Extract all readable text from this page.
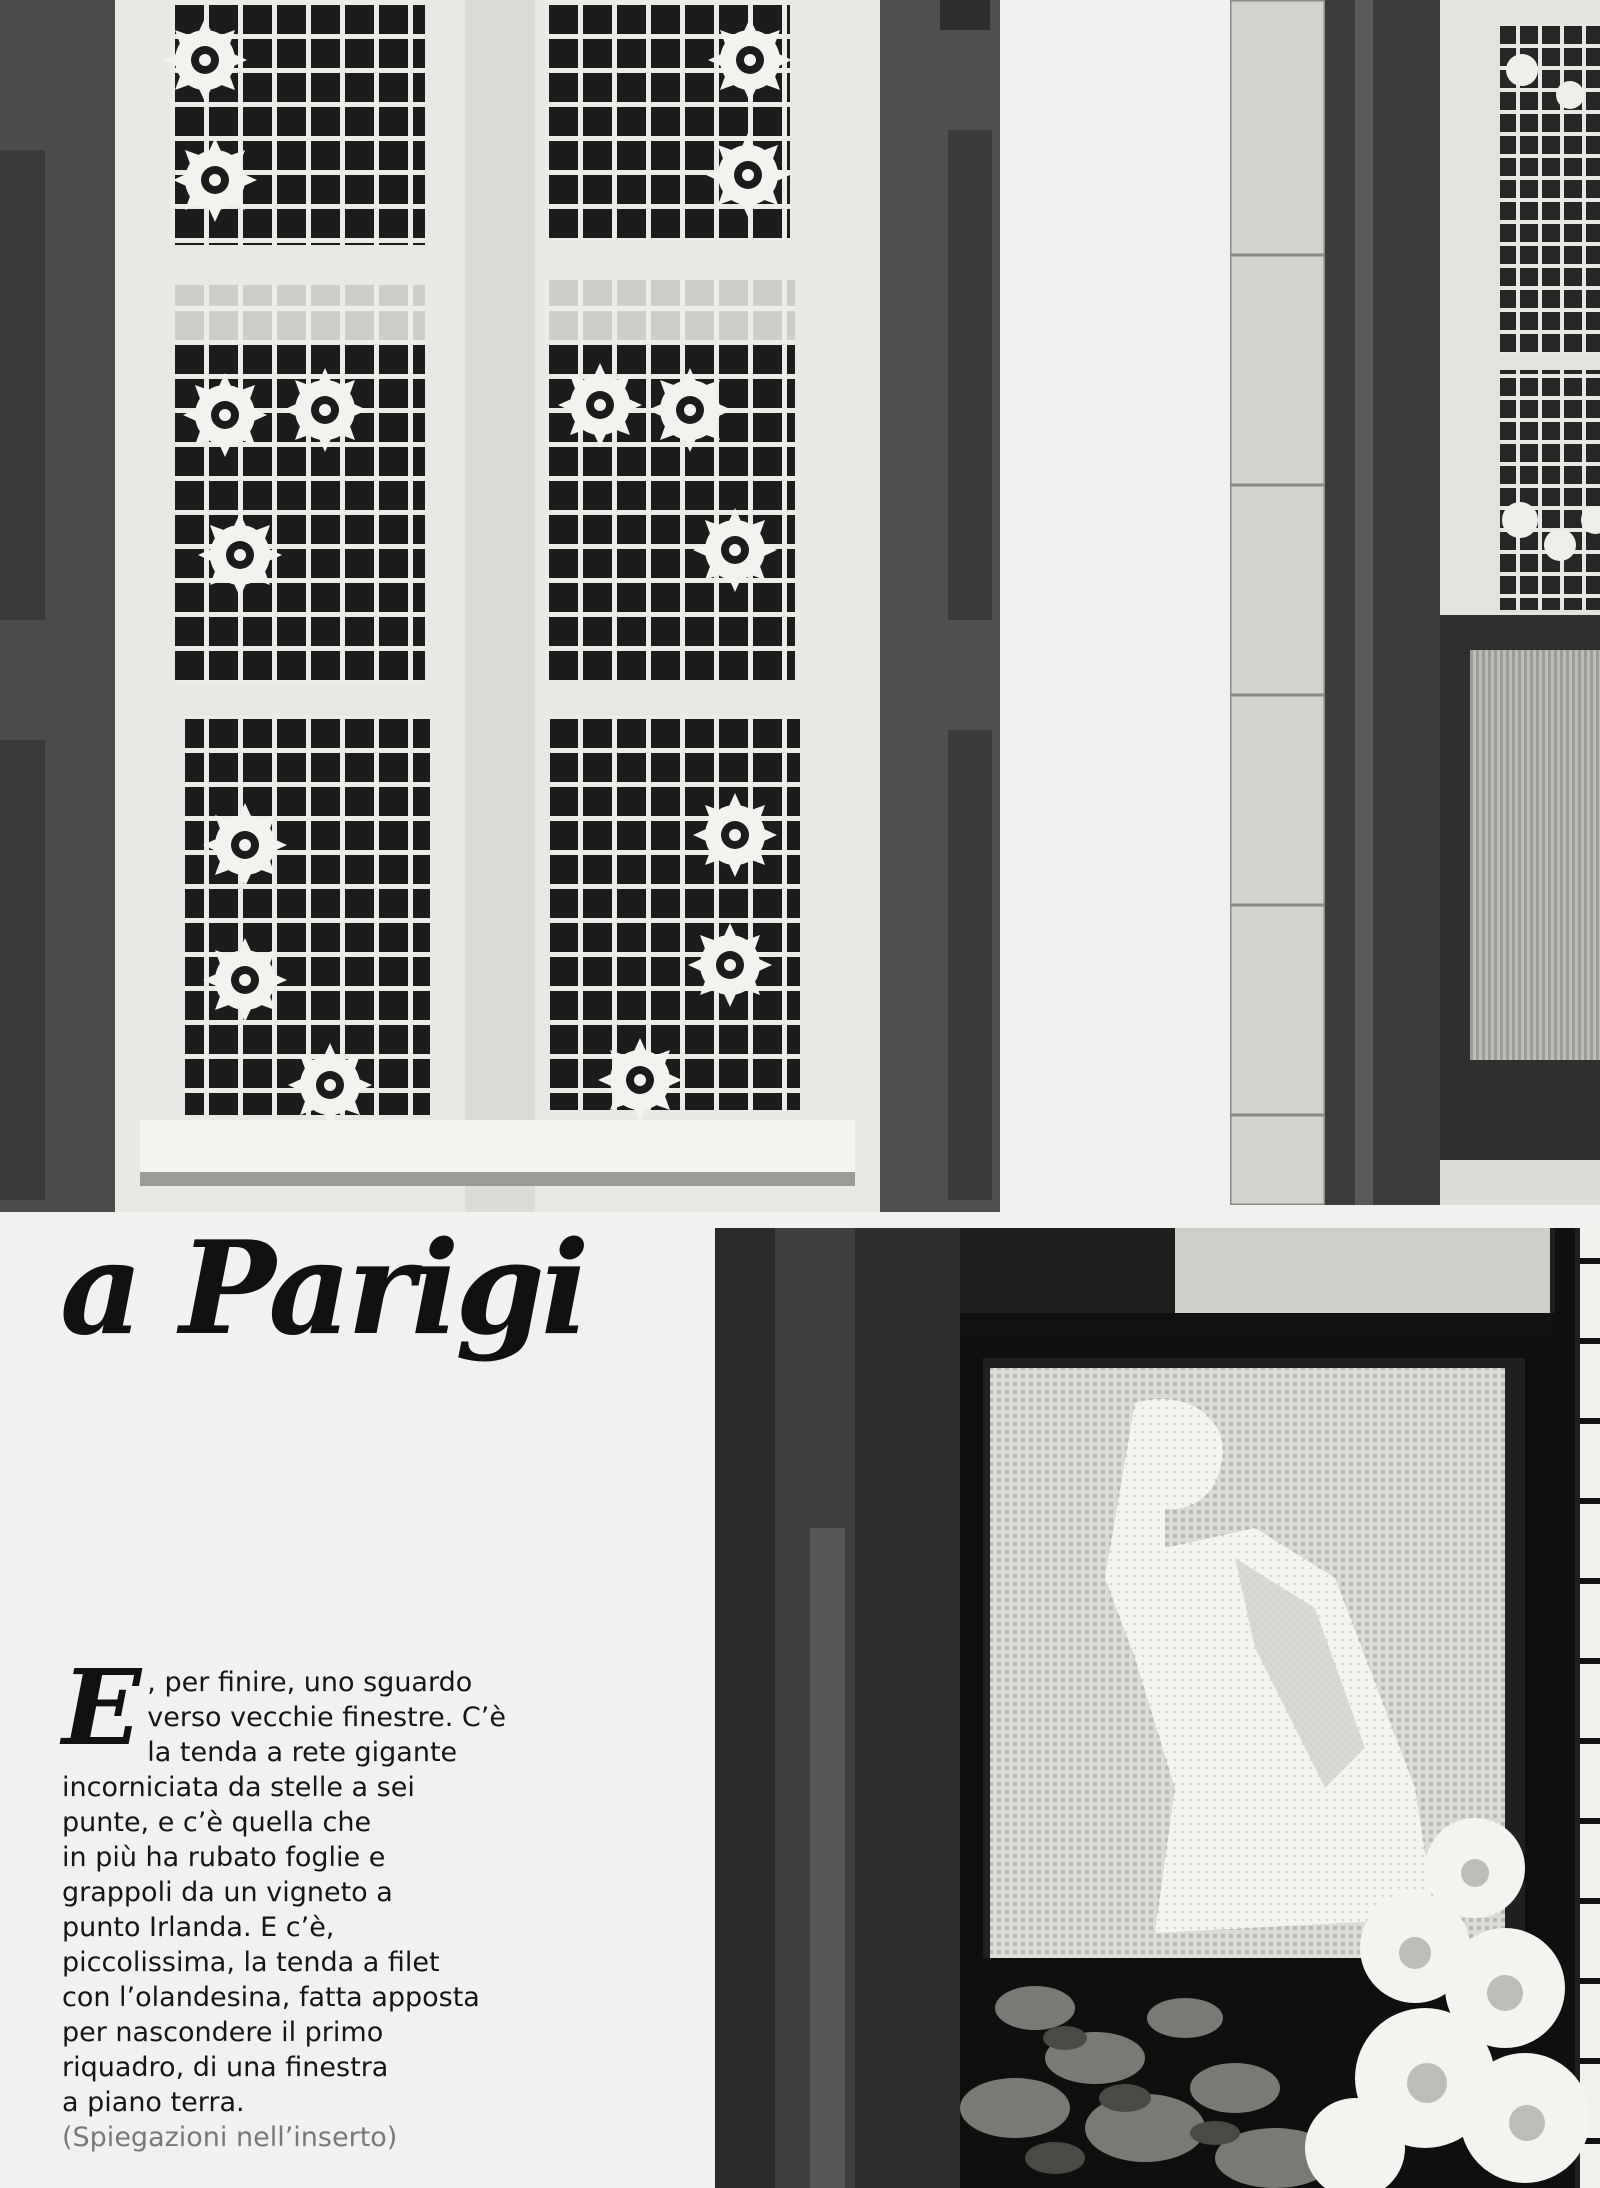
a Parigi
E , per finire, uno sguardo
verso vecchie finestre. C’è
la tenda a rete gigante
incorniciata da stelle a sei
punte, e c’è quella che
in più ha rubato foglie e
grappoli da un vigneto a
punto Irlanda. E c’è,
piccolissima, la tenda a filet
con l’olandesina, fatta apposta
per nascondere il primo
riquadro, di una finestra
a piano terra.
(Spiegazioni nell’inserto)
